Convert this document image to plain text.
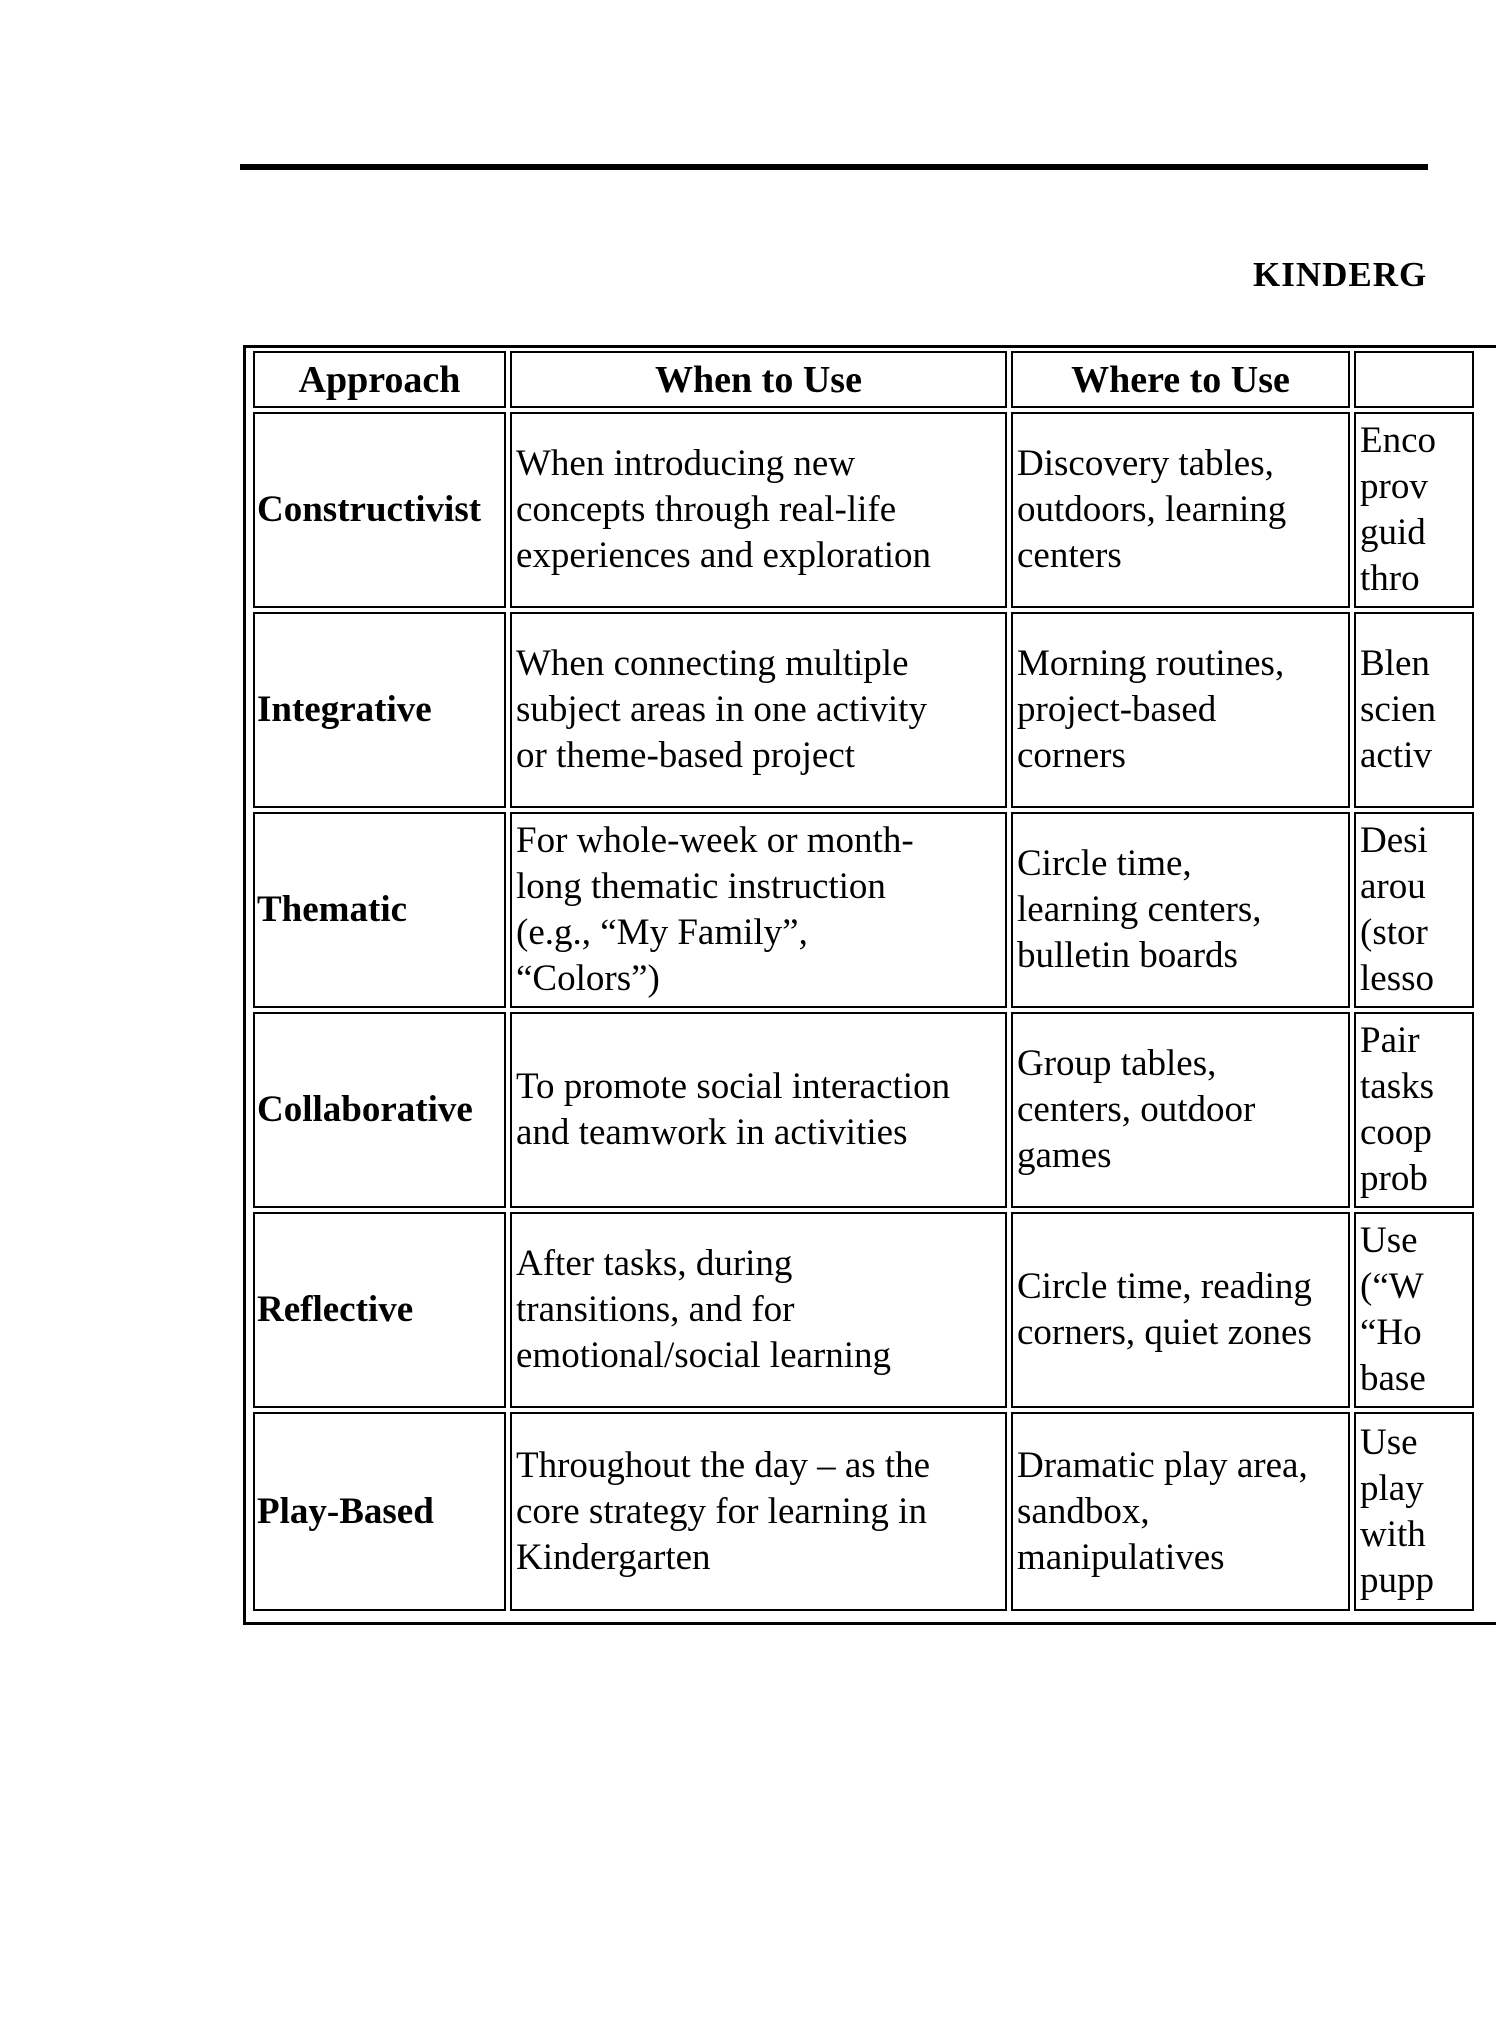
KINDERG
Approach	When to Use	Where to Use
Constructivist
When introducing new
concepts through real-life
experiences and exploration
Discovery tables,
outdoors, learning
centers
Enco
prov
guid
thro
Integrative
When connecting multiple
subject areas in one activity
or theme-based project
Morning routines,
project-based
corners
Blen
scien
activ
Thematic
For whole-week or month-
long thematic instruction
(e.g., “My Family”,
“Colors”)
Circle time,
learning centers,
bulletin boards
Desi
arou
(stor
lesso
Collaborative
To promote social interaction
and teamwork in activities
Group tables,
centers, outdoor
games
Pair
tasks
coop
prob
Reflective
After tasks, during
transitions, and for
emotional/social learning
Circle time, reading
corners, quiet zones
Use
(“W
“Ho
base
Play-Based
Throughout the day – as the
core strategy for learning in
Kindergarten
Dramatic play area,
sandbox,
manipulatives
Use
play
with
pupp
